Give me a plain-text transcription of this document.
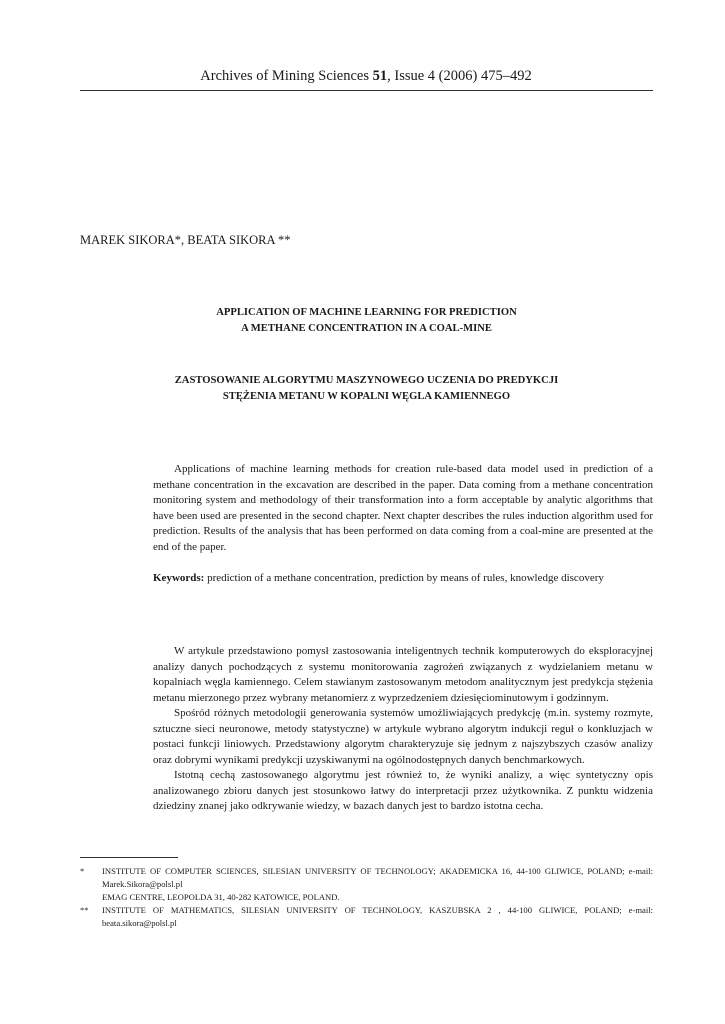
Archives of Mining Sciences 51, Issue 4 (2006) 475–492
MAREK SIKORA*, BEATA SIKORA **
APPLICATION OF MACHINE LEARNING FOR PREDICTION
A METHANE CONCENTRATION IN A COAL-MINE
ZASTOSOWANIE ALGORYTMU MASZYNOWEGO UCZENIA DO PREDYKCJI
STĘŻENIA METANU W KOPALNI WĘGLA KAMIENNEGO

Applications of machine learning methods for creation rule-based data model used in prediction of a methane concentration in the excavation are described in the paper. Data coming from a methane concentration monitoring system and methodology of their transformation into a form acceptable by analytic algorithms that have been used are presented in the second chapter. Next chapter describes the rules induction algorithm used for prediction. Results of the analysis that has been performed on data coming from a coal-mine are presented at the end of the paper.

Keywords: prediction of a methane concentration, prediction by means of rules, knowledge discovery

W artykule przedstawiono pomysł zastosowania inteligentnych technik komputerowych do eksploracyjnej analizy danych pochodzących z systemu monitorowania zagrożeń związanych z wydzielaniem metanu w kopalniach węgla kamiennego. Celem stawianym zastosowanym metodom analitycznym jest predykcja stężenia metanu mierzonego przez wybrany metanomierz z wyprzedzeniem dziesięciominutowym i godzinnym.

Spośród różnych metodologii generowania systemów umożliwiających predykcję (m.in. systemy rozmyte, sztuczne sieci neuronowe, metody statystyczne) w artykule wybrano algorytm indukcji reguł o konkluzjach w postaci funkcji liniowych. Przedstawiony algorytm charakteryzuje się jednym z najszybszych czasów analizy oraz dobrymi wynikami predykcji uzyskiwanymi na ogólnodostępnych danych benchmarkowych.

Istotną cechą zastosowanego algorytmu jest również to, że wyniki analizy, a więc syntetyczny opis analizowanego zbioru danych jest stosunkowo łatwy do interpretacji przez użytkownika. Z punktu widzenia dziedziny znanej jako odkrywanie wiedzy, w bazach danych jest to bardzo istotna cecha.

*	INSTITUTE OF COMPUTER SCIENCES, SILESIAN UNIVERSITY OF TECHNOLOGY; AKADEMICKA 16, 44-100 GLIWICE, POLAND; e-mail: Marek.Sikora@polsl.pl
EMAG CENTRE, LEOPOLDA 31, 40-282 KATOWICE, POLAND.
**	INSTITUTE OF MATHEMATICS, SILESIAN UNIVERSITY OF TECHNOLOGY, KASZUBSKA 2 , 44-100 GLIWICE, POLAND; e-mail: beata.sikora@polsl.pl
